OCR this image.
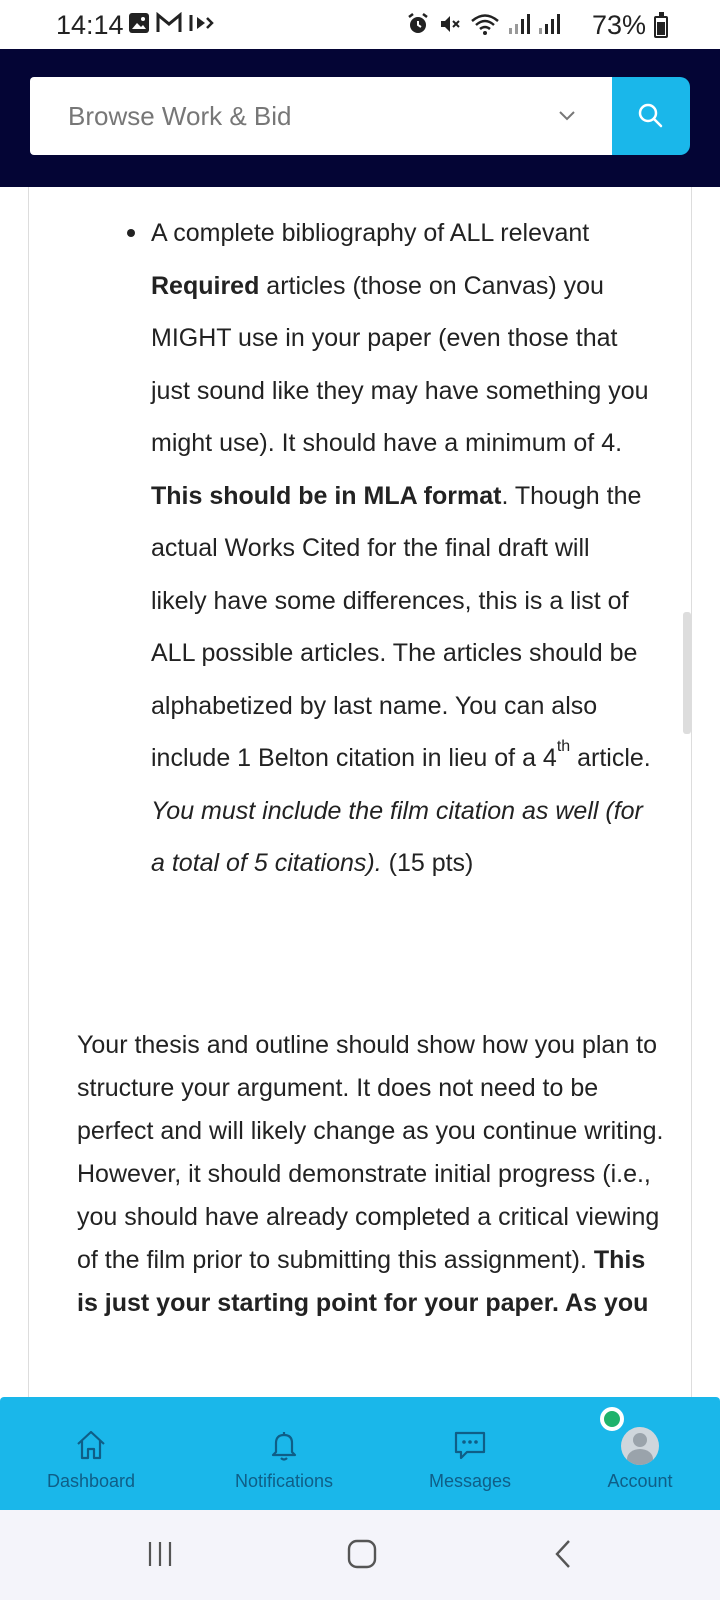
14:14	73%
Browse Work & Bid
A complete bibliography of ALL relevant Required articles (those on Canvas) you MIGHT use in your paper (even those that just sound like they may have something you might use). It should have a minimum of 4. This should be in MLA format. Though the actual Works Cited for the final draft will likely have some differences, this is a list of ALL possible articles. The articles should be alphabetized by last name. You can also include 1 Belton citation in lieu of a 4th article. You must include the film citation as well (for a total of 5 citations). (15 pts)
Your thesis and outline should show how you plan to structure your argument. It does not need to be perfect and will likely change as you continue writing. However, it should demonstrate initial progress (i.e., you should have already completed a critical viewing of the film prior to submitting this assignment). This is just your starting point for your paper. As you
Dashboard	Notifications	Messages	Account
